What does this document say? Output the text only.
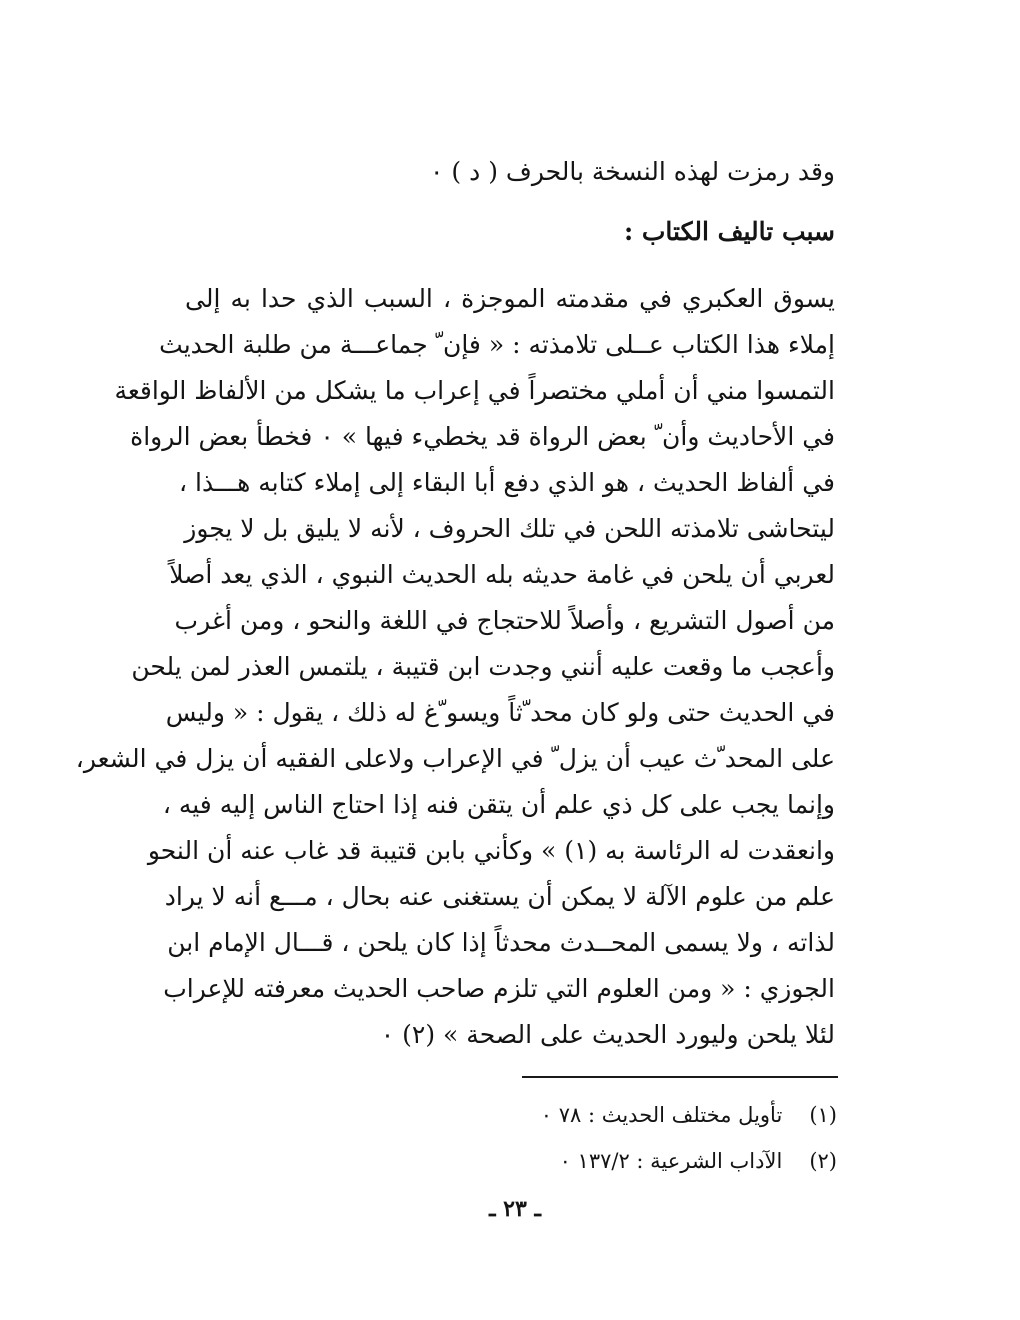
وقد رمزت لهذه النسخة بالحرف ( د ) ٠
سبب تاليف الكتاب :
يسوق العكبري في مقدمته الموجزة ، السبب الذي حدا به إلى
إملاء هذا الكتاب عــلى تلامذته : « فإن ّ جماعـــة من طلبة الحديث
التمسوا مني أن أملي مختصراً في إعراب ما يشكل من الألفاظ الواقعة
في الأحاديث وأن ّ بعض الرواة قد يخطيء فيها » ٠ فخطأ بعض الرواة
في ألفاظ الحديث ، هو الذي دفع أبا البقاء إلى إملاء كتابه هـــذا ،
ليتحاشى تلامذته اللحن في تلك الحروف ، لأنه لا يليق بل لا يجوز
لعربي أن يلحن في غامة حديثه بله الحديث النبوي ، الذي يعد أصلاً
من أصول التشريع ، وأصلاً للاحتجاج في اللغة والنحو ، ومن أغرب
وأعجب ما وقعت عليه أنني وجدت ابن قتيبة ، يلتمس العذر لمن يلحن
في الحديث حتى ولو كان محد ّثاً ويسو ّغ له ذلك ، يقول : « وليس
على المحد ّث عيب أن يزل ّ في الإعراب ولاعلى الفقيه أن يزل في الشعر،
وإنما يجب على كل ذي علم أن يتقن فنه إذا احتاج الناس إليه فيه ،
وانعقدت له الرئاسة به (١) » وكأني بابن قتيبة قد غاب عنه أن النحو
علم من علوم الآلة لا يمكن أن يستغنى عنه بحال ، مـــع أنه لا يراد
لذاته ، ولا يسمى المحــدث محدثاً إذا كان يلحن ، قـــال الإمام ابن
الجوزي : « ومن العلوم التي تلزم صاحب الحديث معرفته للإعراب
لئلا يلحن وليورد الحديث على الصحة » (٢) ٠
(١) تأويل مختلف الحديث : ٧٨ ٠
(٢) الآداب الشرعية : ١٣٧/٢ ٠
ـ ٢٣ ـ
